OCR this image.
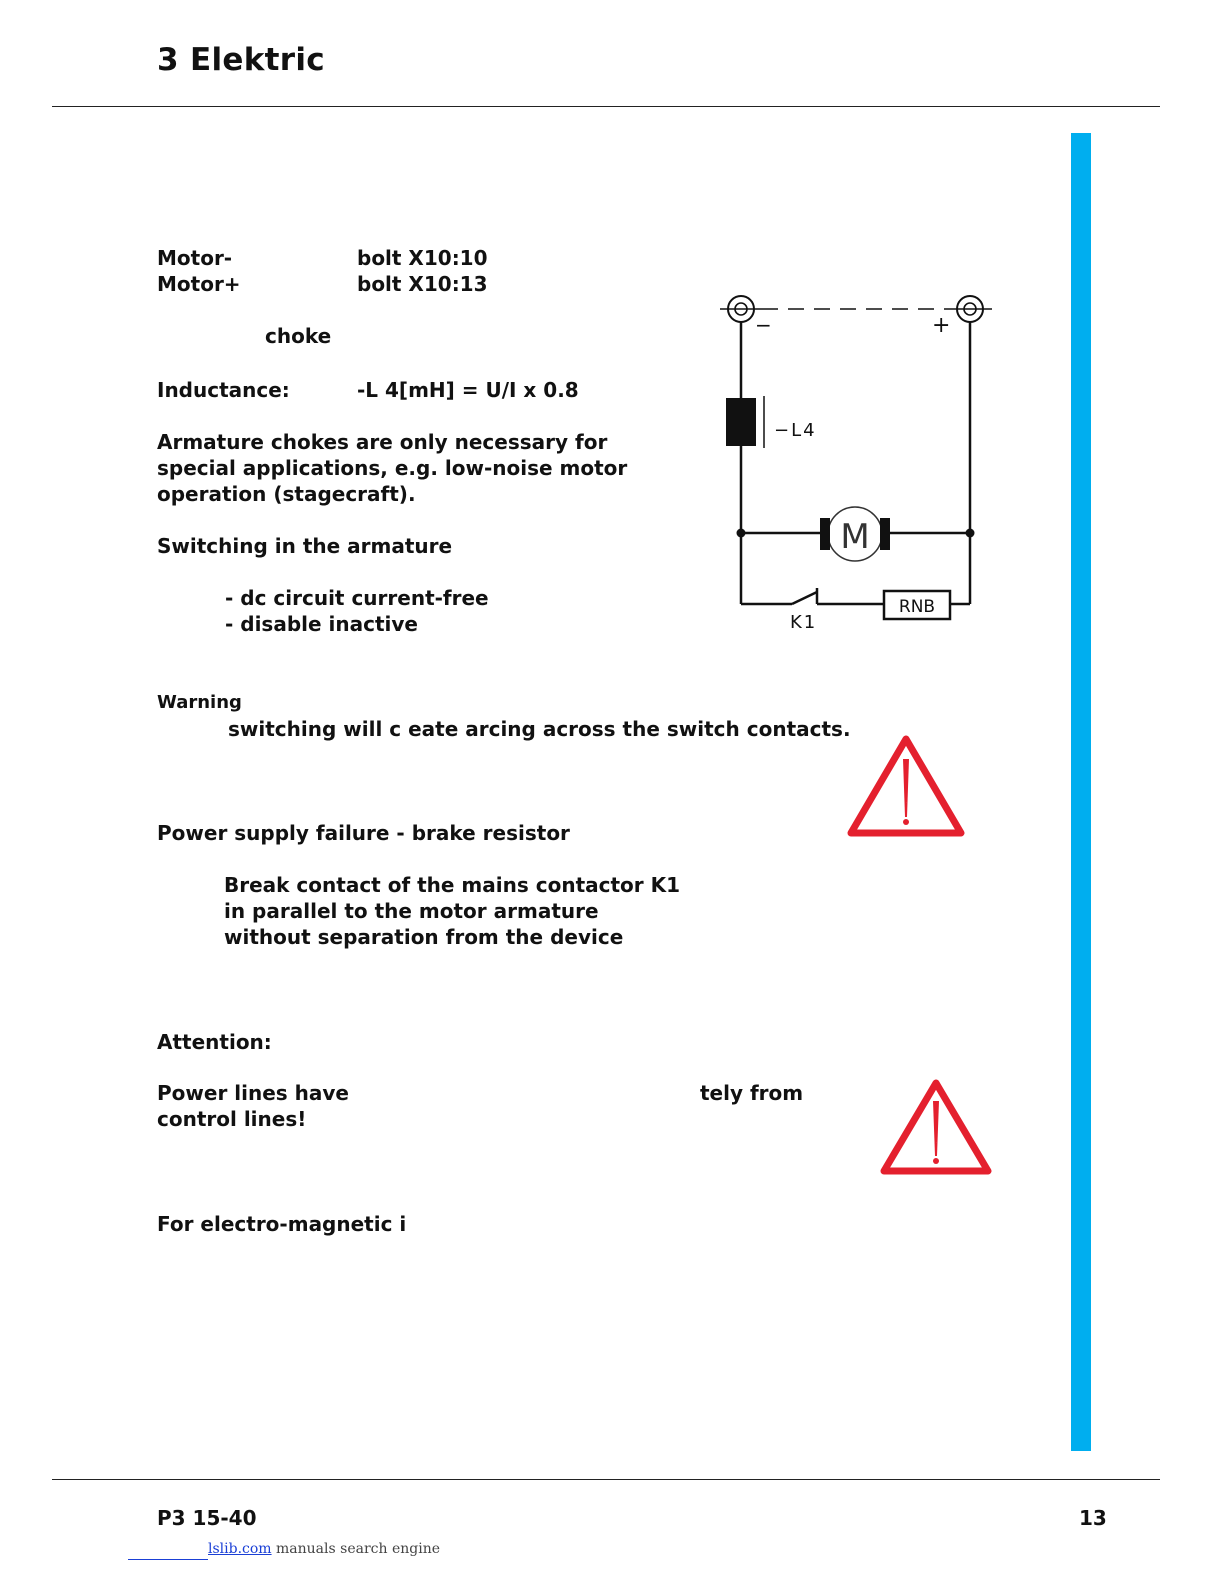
3 Elektric
Motor-	bolt X10:10
Motor+	bolt X10:13
choke
Inductance:	-L 4[mH] = U/I x 0.8
Armature chokes are only necessary for
special applications, e.g. low-noise motor
operation (stagecraft).
Switching in the armature
- dc circuit current-free
- disable inactive
Warning
switching will c eate arcing across the switch contacts.
Power supply failure - brake resistor
Break contact of the mains contactor K1
in parallel to the motor armature
without separation from the device
Attention:
Power lines have	tely from
control lines!
For electro-magnetic i
−	+
−L4
M
K1
RNB
!
!
P3 15-40	13
lslib.com manuals search engine
